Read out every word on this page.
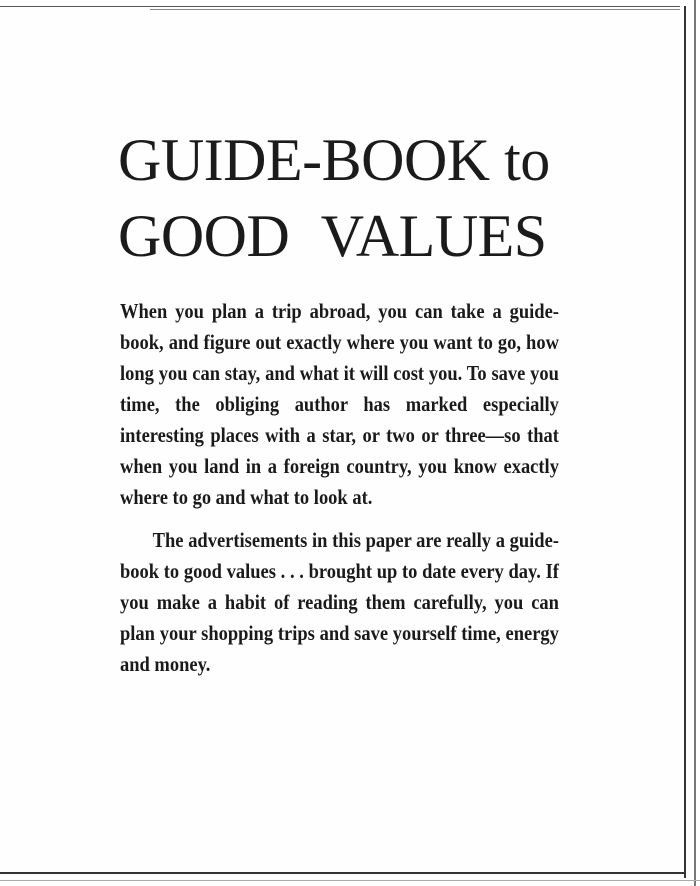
GUIDE-BOOK to
GOOD VALUES

When you plan a trip abroad, you can take a guide-book, and figure out exactly where you want to go, how long you can stay, and what it will cost you. To save you time, the obliging author has marked especially interesting places with a star, or two or three—so that when you land in a foreign country, you know exactly where to go and what to look at.

The advertisements in this paper are really a guide-book to good values . . . brought up to date every day. If you make a habit of reading them carefully, you can plan your shopping trips and save yourself time, energy and money.
